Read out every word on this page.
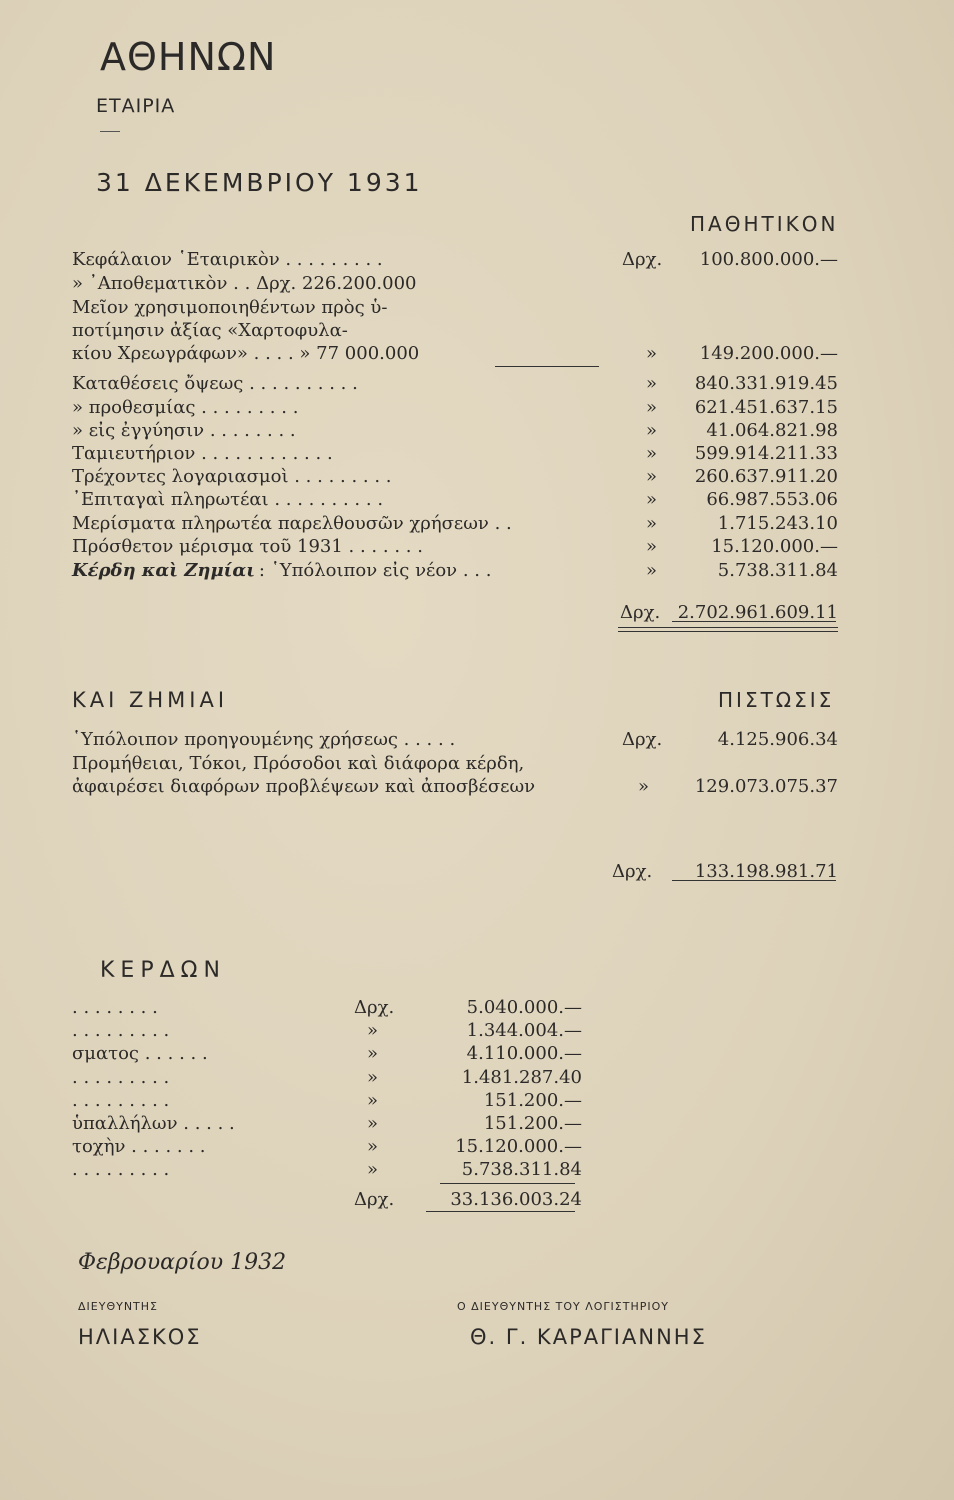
ΑΘΗΝΩΝ
ΕΤΑΙΡΙΑ
31 ΔΕΚΕΜΒΡΙΟΥ 1931
ΠΑΘΗΤΙΚΟΝ
Κεφάλαιον ῾Εταιρικὸν . . . . . . . . .	Δρχ. 100.800.000.—
» ᾿Αποθεματικὸν . . Δρχ. 226.200.000
Μεῖον χρησιμοποιηθέντων πρὸς ὑ-
ποτίμησιν ἀξίας «Χαρτοφυλα-
κίου Χρεωγράφων» . . . . » 77 000.000	» 149.200.000.—
Καταθέσεις ὄψεως . . . . . . . . . .	» 840.331.919.45
» προθεσμίας . . . . . . . . .	» 621.451.637.15
» εἰς ἐγγύησιν . . . . . . . .	»	41.064.821.98
Ταμιευτήριον . . . . . . . . . . . .	» 599.914.211.33
Τρέχοντες λογαριασμοὶ . . . . . . . . .	» 260.637.911.20
᾿Επιταγαὶ πληρωτέαι . . . . . . . . . .	»	66.987.553.06
Μερίσματα πληρωτέα παρελθουσῶν χρήσεων . .	»	1.715.243.10
Πρόσθετον μέρισμα τοῦ 1931 . . . . . . .	»	15.120.000.—
Κέρδη καὶ Ζημίαι : ῾Υπόλοιπον εἰς νέον . . .	»	5.738.311.84
Δρχ. 2.702.961.609.11
ΚΑΙ ΖΗΜΙΑΙ	ΠΙΣΤΩΣΙΣ
῾Υπόλοιπον προηγουμένης χρήσεως . . . . .	Δρχ.	4.125.906.34
Προμήθειαι, Τόκοι, Πρόσοδοι καὶ διάφορα κέρδη,
ἀφαιρέσει διαφόρων προβλέψεων καὶ ἀποσβέσεων	»	129.073.075.37
Δρχ. 133.198.981.71
ΚΕΡΔΩΝ
. . . . . . . .	Δρχ.	5.040.000.—
. . . . . . . . .	»	1.344.004.—
σματος . . . . . .	»	4.110.000.—
. . . . . . . . .	»	1.481.287.40
. . . . . . . . .	»	151.200.—
ὑπαλλήλων . . . . .	»	151.200.—
τοχὴν . . . . . . .	»	15.120.000.—
. . . . . . . . .	»	5.738.311.84
Δρχ.	33.136.003.24
Φεβρουαρίου 1932
ΔΙΕΥΘΥΝΤΗΣ
ΗΛΙΑΣΚΟΣ
Ο ΔΙΕΥΘΥΝΤΗΣ ΤΟΥ ΛΟΓΙΣΤΗΡΙΟΥ
Θ. Γ. ΚΑΡΑΓΙΑΝΝΗΣ
